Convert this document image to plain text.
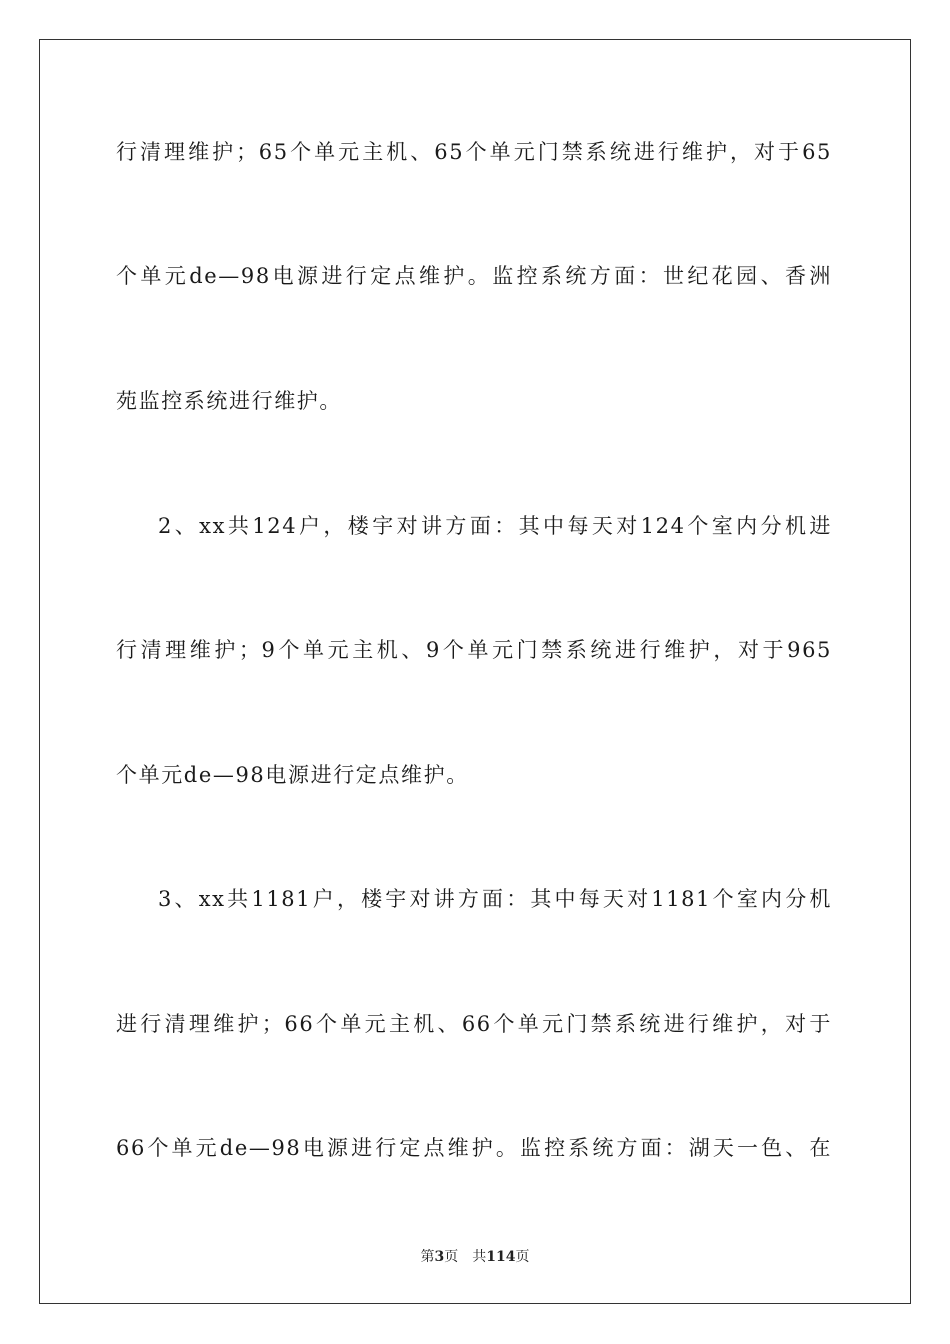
行清理维护；65个单元主机、65个单元门禁系统进行维护，对于65
个单元de—98电源进行定点维护。监控系统方面：世纪花园、香洲
苑监控系统进行维护。
2、xx共124户，楼宇对讲方面：其中每天对124个室内分机进
行清理维护；9个单元主机、9个单元门禁系统进行维护，对于965
个单元de—98电源进行定点维护。
3、xx共1181户，楼宇对讲方面：其中每天对1181个室内分机
进行清理维护；66个单元主机、66个单元门禁系统进行维护，对于
66个单元de—98电源进行定点维护。监控系统方面：湖天一色、在
第3页 共114页
